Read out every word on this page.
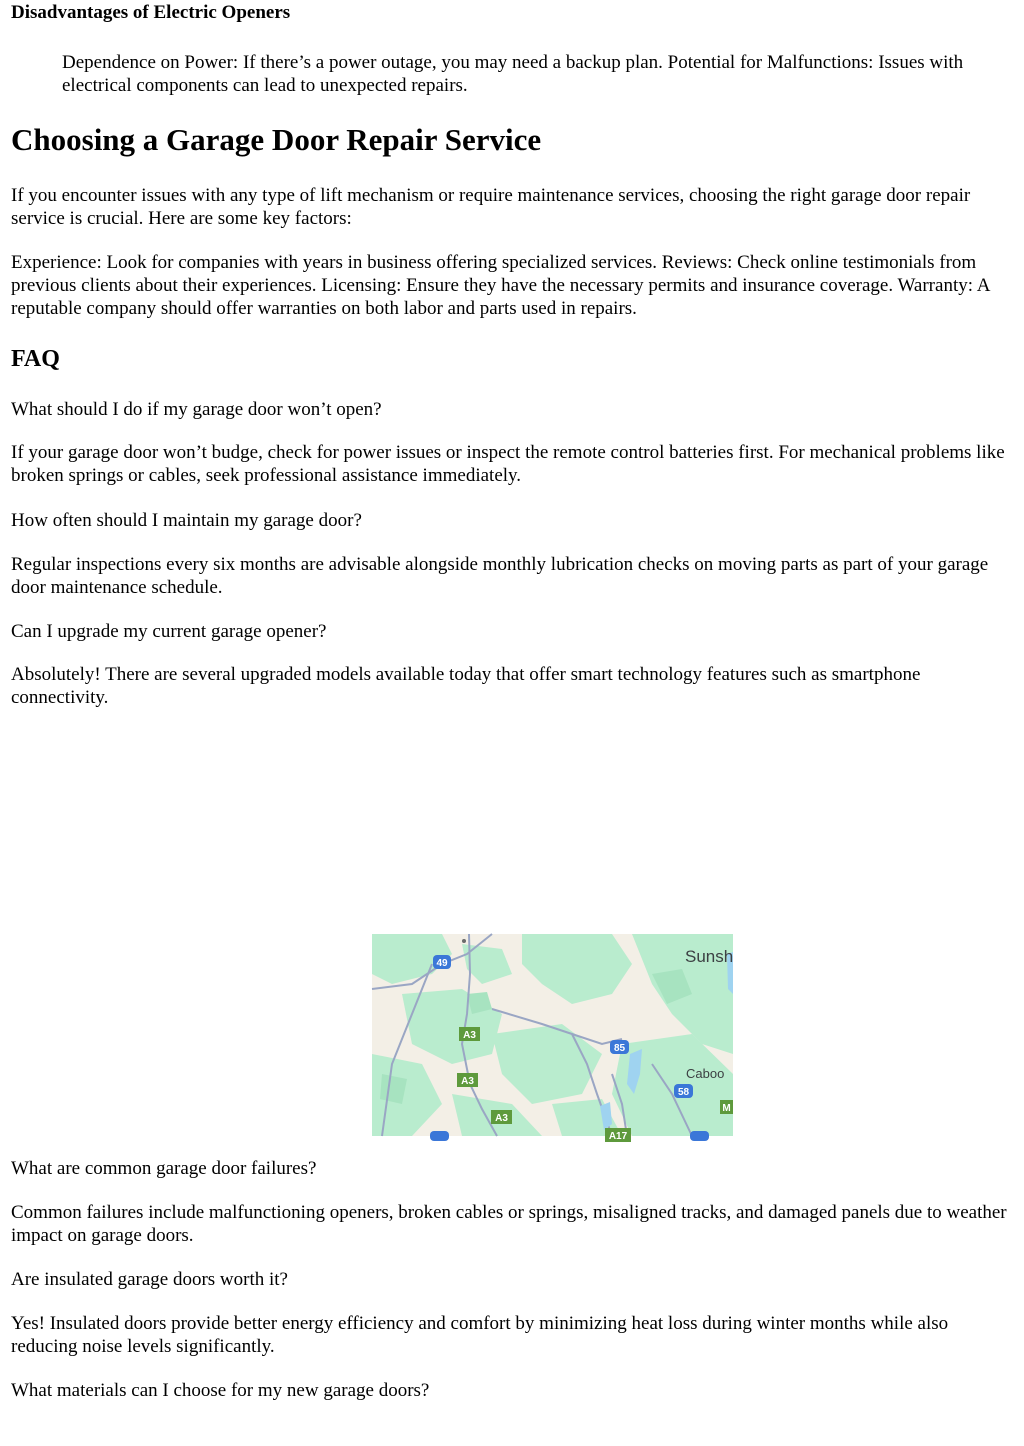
Disadvantages of Electric Openers

Dependence on Power: If there’s a power outage, you may need a backup plan. Potential for Malfunctions: Issues with electrical components can lead to unexpected repairs.

Choosing a Garage Door Repair Service

If you encounter issues with any type of lift mechanism or require maintenance services, choosing the right garage door repair service is crucial. Here are some key factors:

Experience: Look for companies with years in business offering specialized services. Reviews: Check online testimonials from previous clients about their experiences. Licensing: Ensure they have the necessary permits and insurance coverage. Warranty: A reputable company should offer warranties on both labor and parts used in repairs.

FAQ

What should I do if my garage door won’t open?

If your garage door won’t budge, check for power issues or inspect the remote control batteries first. For mechanical problems like broken springs or cables, seek professional assistance immediately.

How often should I maintain my garage door?

Regular inspections every six months are advisable alongside monthly lubrication checks on moving parts as part of your garage door maintenance schedule.

Can I upgrade my current garage opener?

Absolutely! There are several upgraded models available today that offer smart technology features such as smartphone connectivity.

49
A3
A3
A3
85
58
A17
M
Sunsh
Caboo

What are common garage door failures?

Common failures include malfunctioning openers, broken cables or springs, misaligned tracks, and damaged panels due to weather impact on garage doors.

Are insulated garage doors worth it?

Yes! Insulated doors provide better energy efficiency and comfort by minimizing heat loss during winter months while also reducing noise levels significantly.

What materials can I choose for my new garage doors?
